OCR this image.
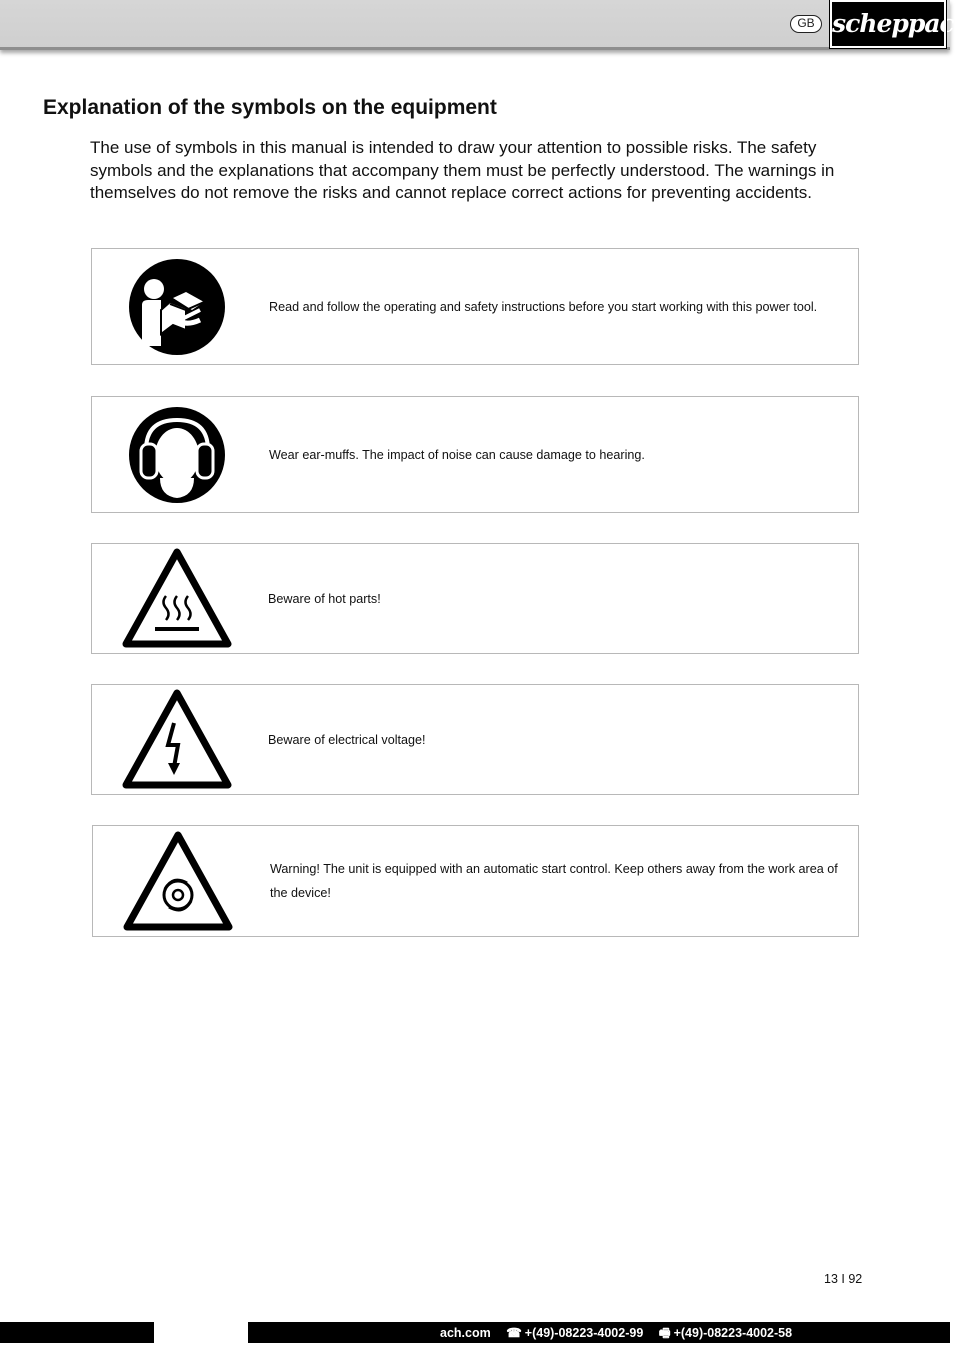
GB scheppach
Explanation of the symbols on the equipment

The use of symbols in this manual is intended to draw your attention to possible risks. The safety symbols and the explanations that accompany them must be perfectly understood. The warnings in themselves do not remove the risks and cannot replace correct actions for preventing accidents.

Read and follow the operating and safety instructions before you start working with this power tool.
Wear ear-muffs. The impact of noise can cause damage to hearing.
Beware of hot parts!
Beware of electrical voltage!
Warning! The unit is equipped with an automatic start control. Keep others away from the work area of the device!
13 I 92
ach.com ☎ +(49)-08223-4002-99 🖷 +(49)-08223-4002-58
